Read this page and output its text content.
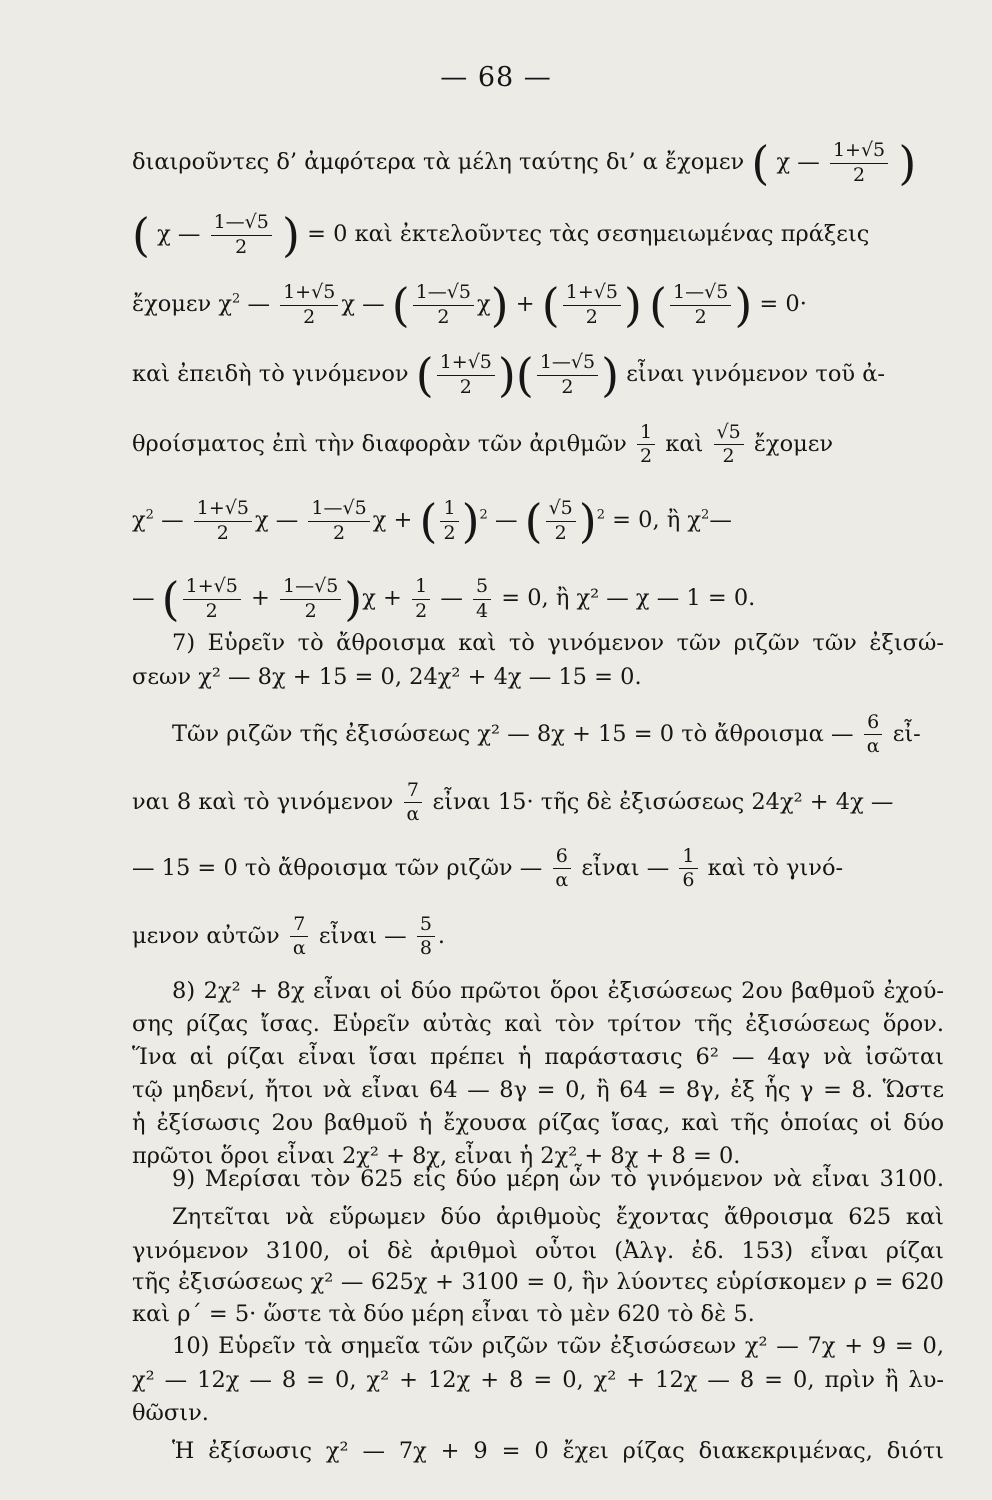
— 68 —
διαιροῦντες δ’ ἀμφότερα τὰ μέλη ταύτης δι’ α ἔχομεν ( χ — $\frac{1+√5}{2}$ )
( χ — $\frac{1—√5}{2}$ ) = 0 καὶ ἐκτελοῦντες τὰς σεσημειωμένας πράξεις
ἔχομεν $\chi^2$ — $\frac{1+√5}{2}$ χ — ( $\frac{1—√5}{2} \chi$) + ( $\frac{1+√5}{2}$ ) ( $\frac{1—√5}{2}$ ) = 0·
καὶ ἐπειδὴ τὸ γινόμενον ( $\frac{1+√5}{2}$ )( $\frac{1—√5}{2}$ ) εἶναι γινόμενον τοῦ ἀ-
θροίσματος ἐπὶ τὴν διαφορὰν τῶν ἀριθμῶν $\frac{1}{2}$ καὶ $\frac{√5}{2}$ ἔχομεν
$\chi^2$ — $\frac{1+√5}{2}$ χ — $\frac{1—√5}{2}$ χ + ( $\frac{1}{2} )^2$ — ( $\frac{√5}{2} )^2 = 0$, ἢ $\chi^2—$
— ( $\frac{1+√5}{2} + \frac{1—√5}{2} )\chi + \frac{1}{2}$ — $\frac{5}{4} = 0$, ἢ χ² — χ — 1 = 0.
7) Εὑρεῖν τὸ ἄθροισμα καὶ τὸ γινόμενον τῶν ριζῶν τῶν ἐξισώ-
σεων χ² — 8χ + 15 = 0, 24χ² + 4χ — 15 = 0.
Τῶν ριζῶν τῆς ἐξισώσεως χ² — 8χ + 15 = 0 τὸ ἄθροισμα — $\frac{6}{\alpha}$ εἶ-
ναι 8 καὶ τὸ γινόμενον $\frac{7}{\alpha}$ εἶναι 15· τῆς δὲ ἐξισώσεως 24χ² + 4χ —
— 15 = 0 τὸ ἄθροισμα τῶν ριζῶν — $\frac{6}{\alpha}$ εἶναι — $\frac{1}{6}$ καὶ τὸ γινό-
μενον αὐτῶν $\frac{7}{\alpha}$ εἶναι — $\frac{5}{8}$ .
8) 2χ² + 8χ εἶναι οἱ δύο πρῶτοι ὅροι ἐξισώσεως 2ου βαθμοῦ ἐχού-
σης ρίζας ἴσας. Εὑρεῖν αὐτὰς καὶ τὸν τρίτον τῆς ἐξισώσεως ὅρον.
Ἵνα αἱ ρίζαι εἶναι ἴσαι πρέπει ἡ παράστασις 6² — 4αγ νὰ ἰσῶται
τῷ μηδενί, ἤτοι νὰ εἶναι 64 — 8γ = 0, ἢ 64 = 8γ, ἐξ ἧς γ = 8. Ὥστε
ἡ ἐξίσωσις 2ου βαθμοῦ ἡ ἔχουσα ρίζας ἴσας, καὶ τῆς ὁποίας οἱ δύο
πρῶτοι ὅροι εἶναι 2χ² + 8χ, εἶναι ἡ 2χ² + 8χ + 8 = 0.
9) Μερίσαι τὸν 625 εἰς δύο μέρη ὧν τὸ γινόμενον νὰ εἶναι 3100.
Ζητεῖται νὰ εὕρωμεν δύο ἀριθμοὺς ἔχοντας ἄθροισμα 625 καὶ
γινόμενον 3100, οἱ δὲ ἀριθμοὶ οὗτοι (Ἀλγ. ἐδ. 153) εἶναι ρίζαι
τῆς ἐξισώσεως χ² — 625χ + 3100 = 0, ἣν λύοντες εὑρίσκομεν ρ = 620
καὶ ρ΄ = 5· ὥστε τὰ δύο μέρη εἶναι τὸ μὲν 620 τὸ δὲ 5.
10) Εὑρεῖν τὰ σημεῖα τῶν ριζῶν τῶν ἐξισώσεων χ² — 7χ + 9 = 0,
χ² — 12χ — 8 = 0, χ² + 12χ + 8 = 0, χ² + 12χ — 8 = 0, πρὶν ἢ λυ-
θῶσιν.
Ἡ ἐξίσωσις χ² — 7χ + 9 = 0 ἔχει ρίζας διακεκριμένας, διότι
